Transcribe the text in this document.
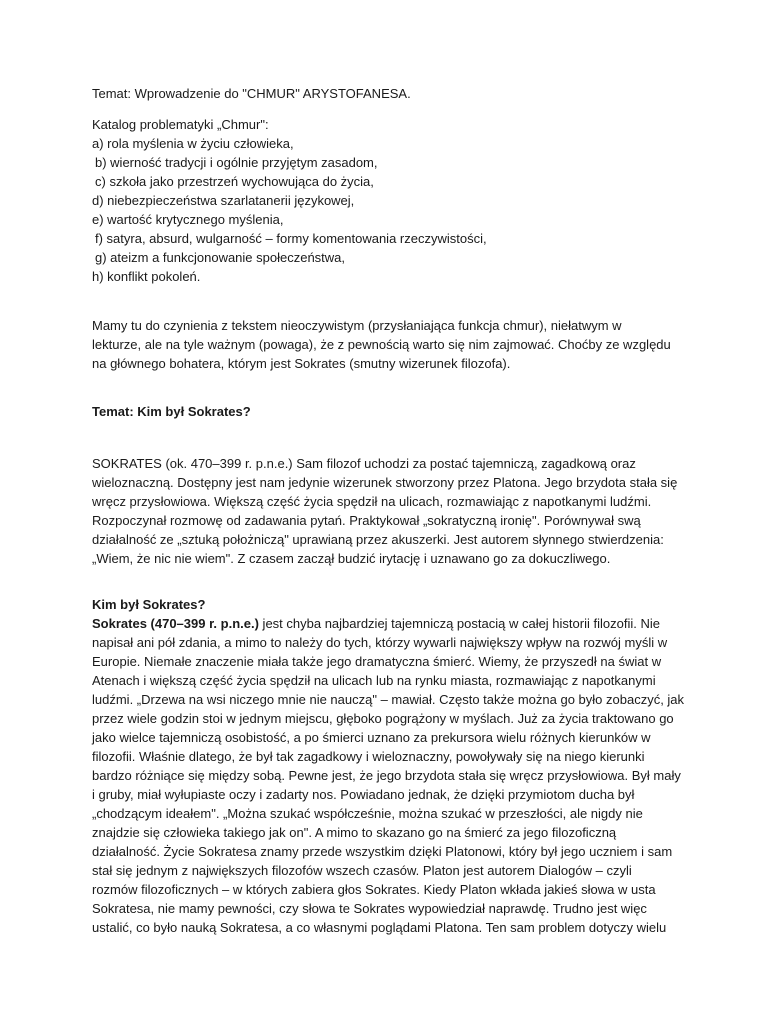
Temat: Wprowadzenie do "CHMUR" ARYSTOFANESA.

Katalog problematyki „Chmur":
a) rola myślenia w życiu człowieka,
b) wierność tradycji i ogólnie przyjętym zasadom,
c) szkoła jako przestrzeń wychowująca do życia,
d) niebezpieczeństwa szarlatanerii językowej,
e) wartość krytycznego myślenia,
f) satyra, absurd, wulgarność – formy komentowania rzeczywistości,
g) ateizm a funkcjonowanie społeczeństwa,
h) konflikt pokoleń.
Mamy tu do czynienia z tekstem nieoczywistym (przysłaniająca funkcja chmur), niełatwym w
lekturze, ale na tyle ważnym (powaga), że z pewnością warto się nim zajmować. Choćby ze względu
na głównego bohatera, którym jest Sokrates (smutny wizerunek filozofa).

Temat: Kim był Sokrates?

SOKRATES (ok. 470–399 r. p.n.e.) Sam filozof uchodzi za postać tajemniczą, zagadkową oraz
wieloznaczną. Dostępny jest nam jedynie wizerunek stworzony przez Platona. Jego brzydota stała się
wręcz przysłowiowa. Większą część życia spędził na ulicach, rozmawiając z napotkanymi ludźmi.
Rozpoczynał rozmowę od zadawania pytań. Praktykował „sokratyczną ironię". Porównywał swą
działalność ze „sztuką położniczą" uprawianą przez akuszerki. Jest autorem słynnego stwierdzenia:
„Wiem, że nic nie wiem". Z czasem zaczął budzić irytację i uznawano go za dokuczliwego.
Kim był Sokrates?
Sokrates (470–399 r. p.n.e.) jest chyba najbardziej tajemniczą postacią w całej historii filozofii. Nie
napisał ani pół zdania, a mimo to należy do tych, którzy wywarli największy wpływ na rozwój myśli w
Europie. Niemałe znaczenie miała także jego dramatyczna śmierć. Wiemy, że przyszedł na świat w
Atenach i większą część życia spędził na ulicach lub na rynku miasta, rozmawiając z napotkanymi
ludźmi. „Drzewa na wsi niczego mnie nie nauczą" – mawiał. Często także można go było zobaczyć, jak
przez wiele godzin stoi w jednym miejscu, głęboko pogrążony w myślach. Już za życia traktowano go
jako wielce tajemniczą osobistość, a po śmierci uznano za prekursora wielu różnych kierunków w
filozofii. Właśnie dlatego, że był tak zagadkowy i wieloznaczny, powoływały się na niego kierunki
bardzo różniące się między sobą. Pewne jest, że jego brzydota stała się wręcz przysłowiowa. Był mały
i gruby, miał wyłupiaste oczy i zadarty nos. Powiadano jednak, że dzięki przymiotom ducha był
„chodzącym ideałem". „Można szukać współcześnie, można szukać w przeszłości, ale nigdy nie
znajdzie się człowieka takiego jak on". A mimo to skazano go na śmierć za jego filozoficzną
działalność. Życie Sokratesa znamy przede wszystkim dzięki Platonowi, który był jego uczniem i sam
stał się jednym z największych filozofów wszech czasów. Platon jest autorem Dialogów – czyli
rozmów filozoficznych – w których zabiera głos Sokrates. Kiedy Platon wkłada jakieś słowa w usta
Sokratesa, nie mamy pewności, czy słowa te Sokrates wypowiedział naprawdę. Trudno jest więc
ustalić, co było nauką Sokratesa, a co własnymi poglądami Platona. Ten sam problem dotyczy wielu
